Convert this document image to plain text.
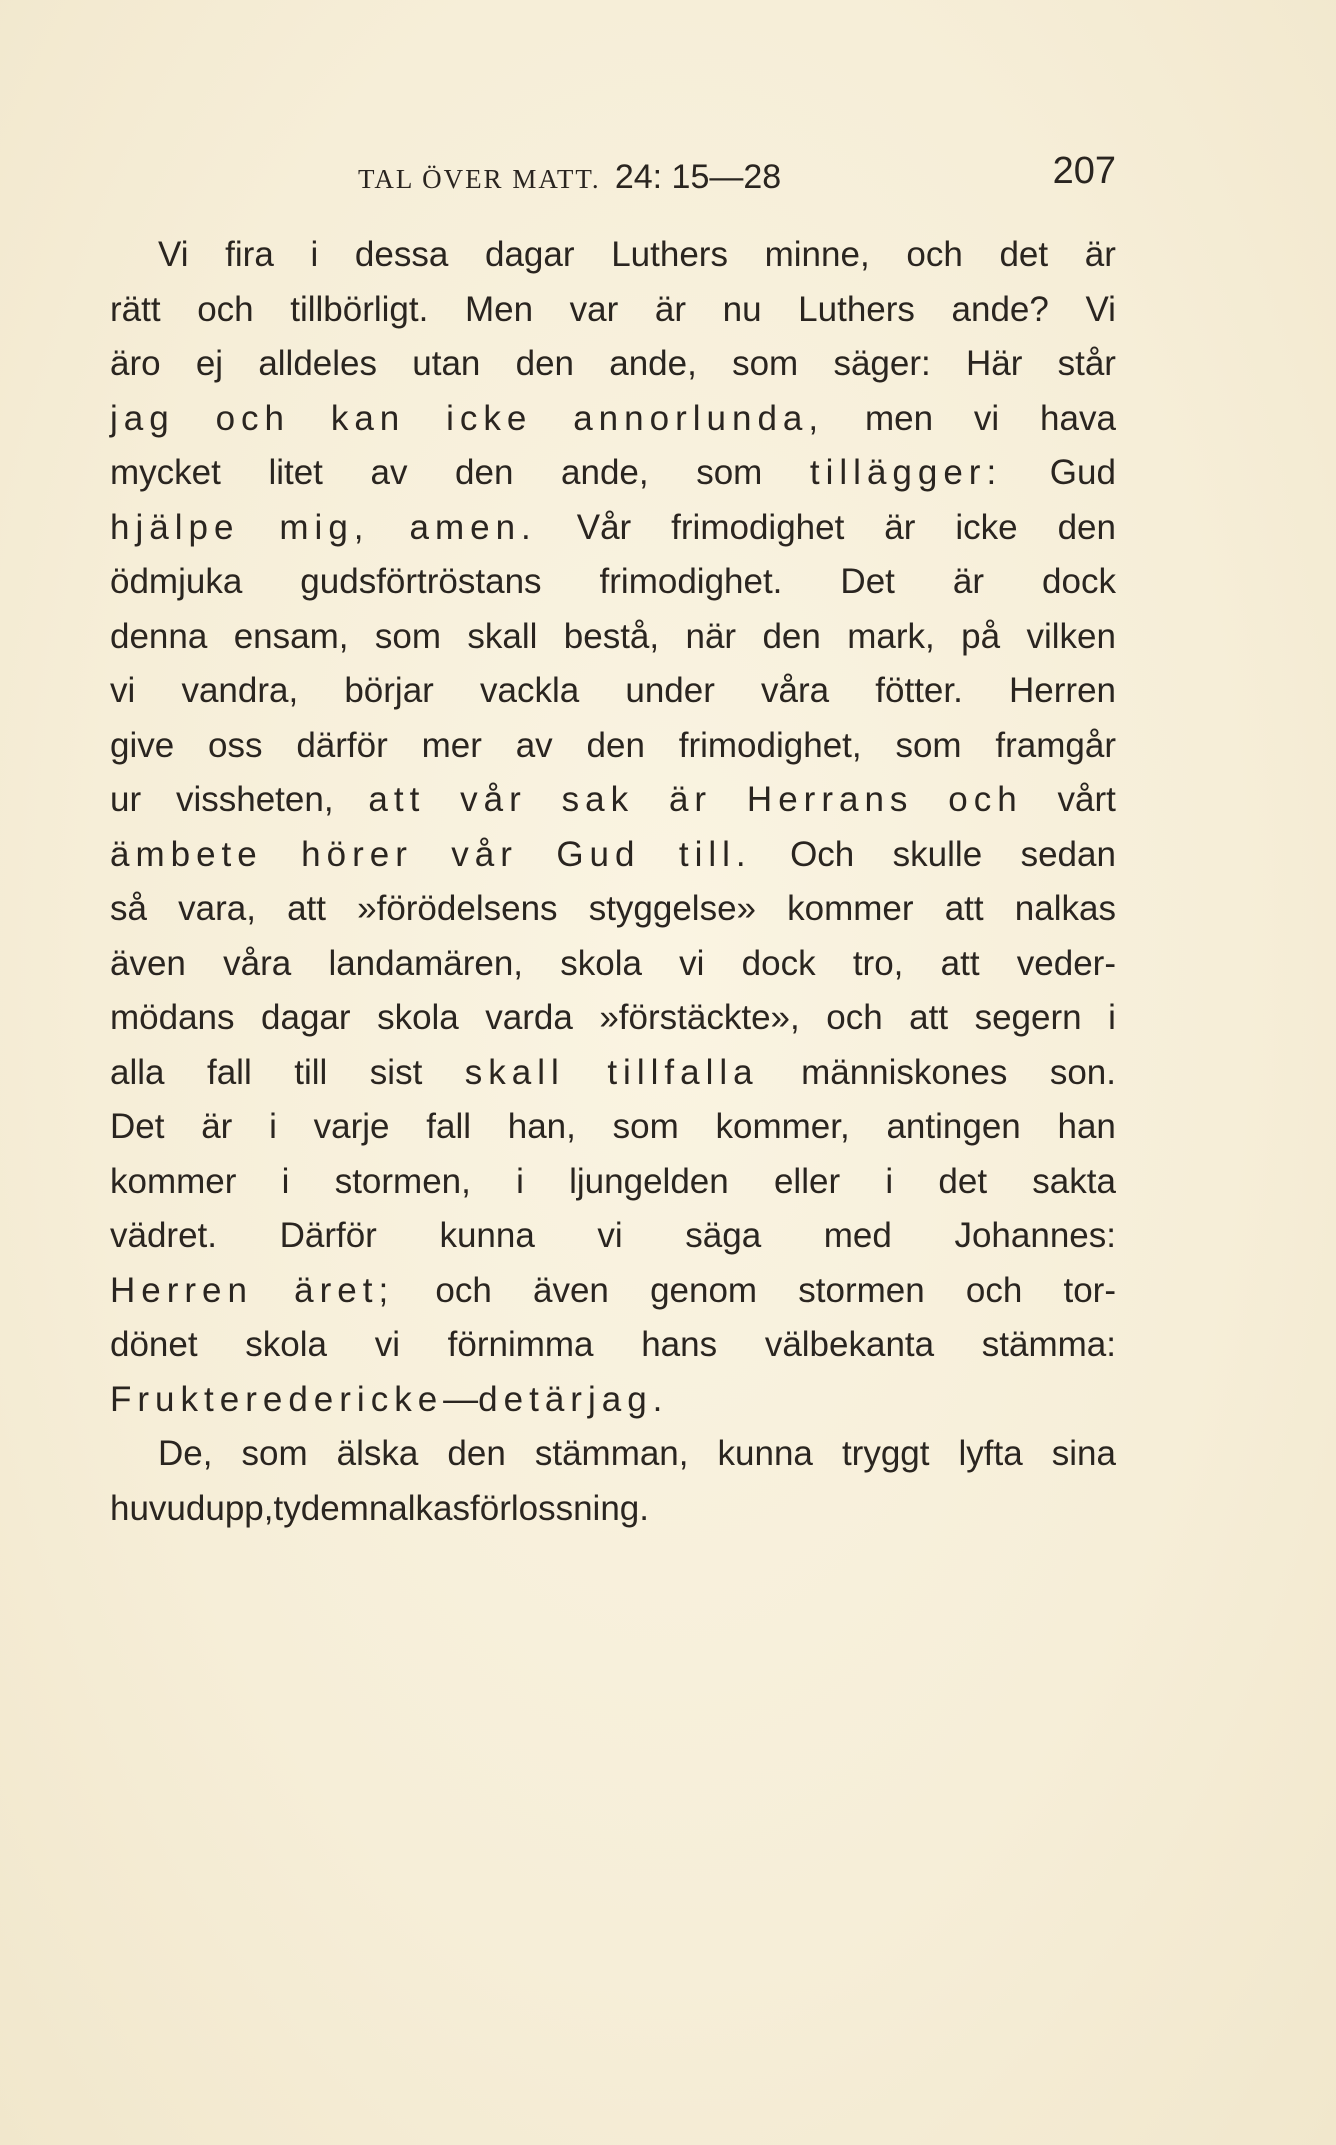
TAL ÖVER MATT. 24: 15—28	207
Vi fira i dessa dagar Luthers minne, och det är
rätt och tillbörligt. Men var är nu Luthers ande? Vi
äro ej alldeles utan den ande, som säger: Här står
jag och kan icke annorlunda, men vi hava
mycket litet av den ande, som tillägger: Gud
hjälpe mig, amen. Vår frimodighet är icke den
ödmjuka gudsförtröstans frimodighet. Det är dock
denna ensam, som skall bestå, när den mark, på vilken
vi vandra, börjar vackla under våra fötter. Herren
give oss därför mer av den frimodighet, som framgår
ur vissheten, att vår sak är Herrans och vårt
ämbete hörer vår Gud till. Och skulle sedan
så vara, att »förödelsens styggelse» kommer att nalkas
även våra landamären, skola vi dock tro, att veder-
mödans dagar skola varda »förstäckte», och att segern i
alla fall till sist skall tillfalla människones son.
Det är i varje fall han, som kommer, antingen han
kommer i stormen, i ljungelden eller i det sakta
vädret. Därför kunna vi säga med Johannes:
Herren äret; och även genom stormen och tor-
dönet skola vi förnimma hans välbekanta stämma:
Frukter eder icke — det är jag.
De, som älska den stämman, kunna tryggt lyfta sina
huvud upp, ty dem nalkas förlossning.
